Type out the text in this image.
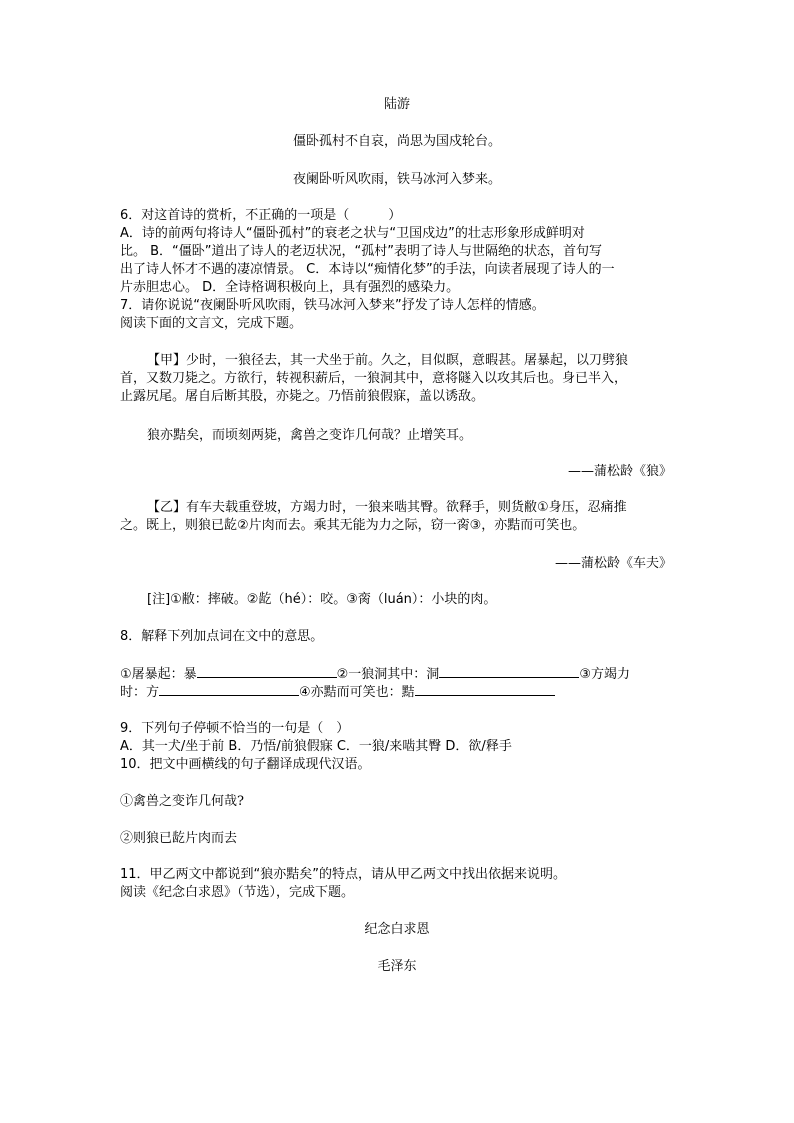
陆游
僵卧孤村不自哀，尚思为国戍轮台。
夜阑卧听风吹雨，铁马冰河入梦来。
6．对这首诗的赏析，不正确的一项是（　　　）
A．诗的前两句将诗人“僵卧孤村”的衰老之状与“卫国戍边”的壮志形象形成鲜明对
比。 B．“僵卧”道出了诗人的老迈状况，“孤村”表明了诗人与世隔绝的状态，首句写
出了诗人怀才不遇的凄凉情景。 C．本诗以“痴情化梦”的手法，向读者展现了诗人的一
片赤胆忠心。 D．全诗格调积极向上，具有强烈的感染力。
7．请你说说“夜阑卧听风吹雨，铁马冰河入梦来”抒发了诗人怎样的情感。
阅读下面的文言文，完成下题。
【甲】少时，一狼径去，其一犬坐于前。久之，目似瞑，意暇甚。屠暴起，以刀劈狼
首，又数刀毙之。方欲行，转视积薪后，一狼洞其中，意将隧入以攻其后也。身已半入，
止露尻尾。屠自后断其股，亦毙之。乃悟前狼假寐，盖以诱敌。
狼亦黠矣，而顷刻两毙，禽兽之变诈几何哉？止增笑耳。
——蒲松龄《狼》
【乙】有车夫载重登坡，方竭力时，一狼来啮其臀。欲释手，则货敝①身压，忍痛推
之。既上，则狼已龁②片肉而去。乘其无能为力之际，窃一脔③，亦黠而可笑也。
——蒲松龄《车夫》
[注]①敝：摔破。②龁（hé）：咬。③脔（luán）：小块的肉。
8．解释下列加点词在文中的意思。
①屠暴起：暴	②一狼洞其中：洞	③方竭力
时：方	④亦黠而可笑也：黠
9．下列句子停顿不恰当的一句是（　）
A．其一犬/坐于前 B．乃悟/前狼假寐 C．一狼/来啮其臀 D．欲/释手
10．把文中画横线的句子翻译成现代汉语。
①禽兽之变诈几何哉?
②则狼已龁片肉而去
11．甲乙两文中都说到“狼亦黠矣”的特点，请从甲乙两文中找出依据来说明。
阅读《纪念白求恩》（节选），完成下题。
纪念白求恩
毛泽东
